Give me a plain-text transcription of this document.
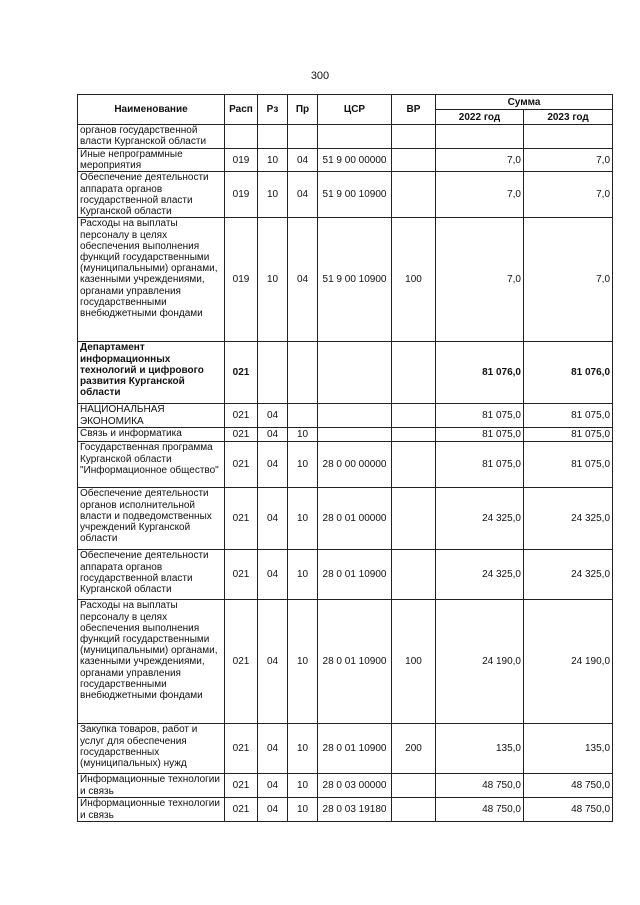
300
Наименование	Расп	Рз	Пр	ЦСР	ВР	Сумма	
						2022 год	2023 год
органов государственной власти Курганской области							
Иные непрограммные мероприятия	019	10	04	51 9 00 00000		7,0	7,0
Обеспечение деятельности аппарата органов государственной власти Курганской области	019	10	04	51 9 00 10900		7,0	7,0
Расходы на выплаты персоналу в целях обеспечения выполнения функций государственными (муниципальными) органами, казенными учреждениями, органами управления государственными внебюджетными фондами	019	10	04	51 9 00 10900	100	7,0	7,0
Департамент информационных технологий и цифрового развития Курганской области	021					81 076,0	81 076,0
НАЦИОНАЛЬНАЯ ЭКОНОМИКА	021	04				81 075,0	81 075,0
Связь и информатика	021	04	10			81 075,0	81 075,0
Государственная программа Курганской области "Информационное общество"	021	04	10	28 0 00 00000		81 075,0	81 075,0
Обеспечение деятельности органов исполнительной власти и подведомственных учреждений Курганской области	021	04	10	28 0 01 00000		24 325,0	24 325,0
Обеспечение деятельности аппарата органов государственной власти Курганской области	021	04	10	28 0 01 10900		24 325,0	24 325,0
Расходы на выплаты персоналу в целях обеспечения выполнения функций государственными (муниципальными) органами, казенными учреждениями, органами управления государственными внебюджетными фондами	021	04	10	28 0 01 10900	100	24 190,0	24 190,0
Закупка товаров, работ и услуг для обеспечения государственных (муниципальных) нужд	021	04	10	28 0 01 10900	200	135,0	135,0
Информационные технологии и связь	021	04	10	28 0 03 00000		48 750,0	48 750,0
Информационные технологии и связь	021	04	10	28 0 03 19180		48 750,0	48 750,0
